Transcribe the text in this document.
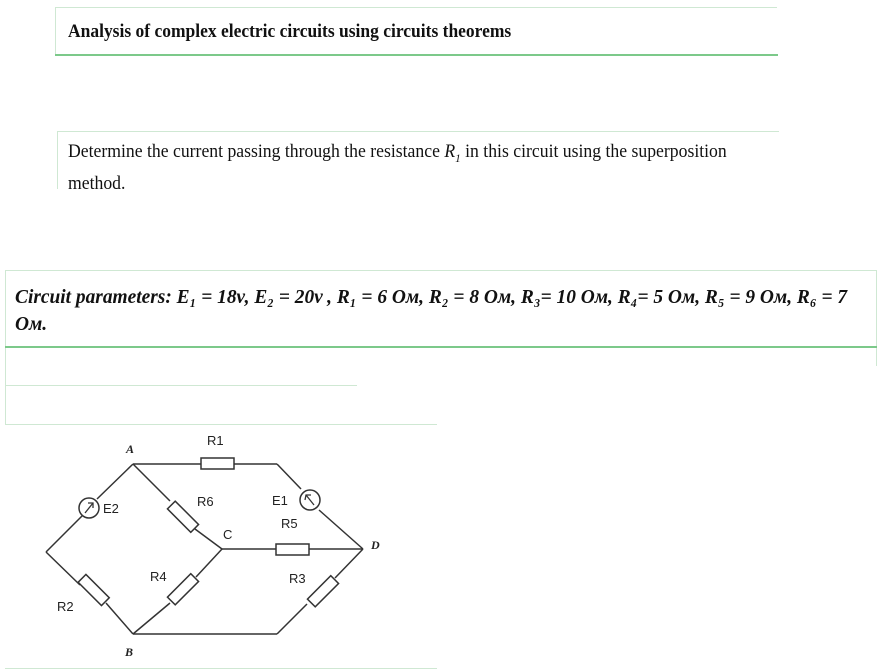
Analysis of complex electric circuits using circuits theorems
Determine the current passing through the resistance $R_1$ in this circuit using the superposition method.
Circuit parameters: E₁ = 18ᴠ, E₂ = 20ᴠ , R₁ = 6 Ом, R₂ = 8 Ом, R₃= 10 Ом, R₄= 5 Ом, R₅ = 9 Ом, R₆ = 7 Ом.
A
B
C
D
R1
R2
R3
R4
R5
R6	E1
E2
